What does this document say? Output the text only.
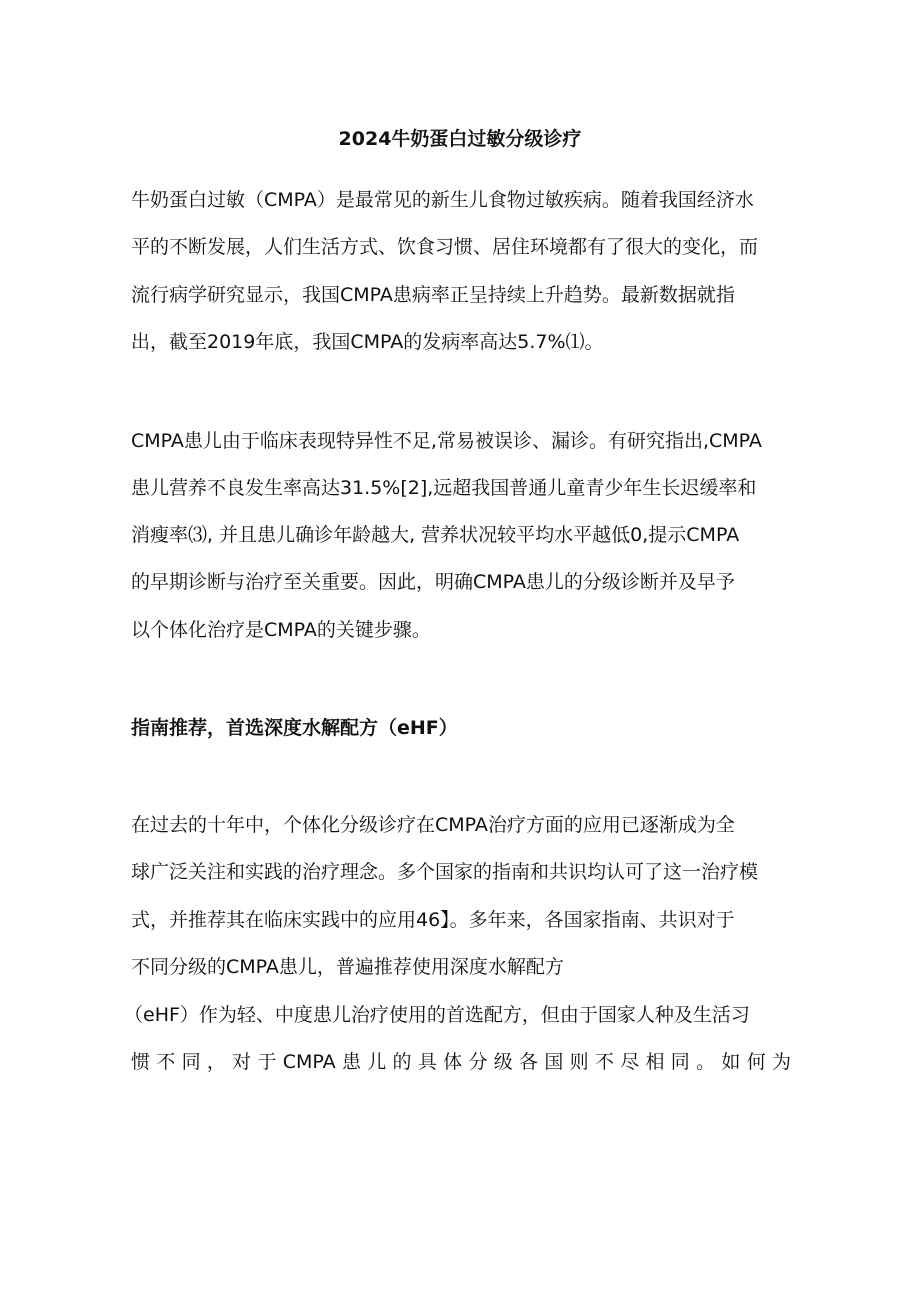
2024牛奶蛋白过敏分级诊疗
牛奶蛋白过敏（CMPA）是最常见的新生儿食物过敏疾病。随着我国经济水
平的不断发展，人们生活方式、饮食习惯、居住环境都有了很大的变化，而
流行病学研究显示，我国CMPA患病率正呈持续上升趋势。最新数据就指
出，截至2019年底，我国CMPA的发病率高达5.7%⑴。
CMPA患儿由于临床表现特异性不足,常易被误诊、漏诊。有研究指出,CMPA
患儿营养不良发生率高达31.5%[2],远超我国普通儿童青少年生长迟缓率和
消瘦率⑶, 并且患儿确诊年龄越大, 营养状况较平均水平越低0,提示CMPA
的早期诊断与治疗至关重要。因此，明确CMPA患儿的分级诊断并及早予
以个体化治疗是CMPA的关键步骤。
指南推荐，首选深度水解配方（eHF）
在过去的十年中，个体化分级诊疗在CMPA治疗方面的应用已逐渐成为全
球广泛关注和实践的治疗理念。多个国家的指南和共识均认可了这一治疗模
式，并推荐其在临床实践中的应用46】。多年来，各国家指南、共识对于
不同分级的CMPA患儿，普遍推荐使用深度水解配方
（eHF）作为轻、中度患儿治疗使用的首选配方，但由于国家人种及生活习
惯不同，对于CMPA患儿的具体分级各国则不尽相同。如何为
